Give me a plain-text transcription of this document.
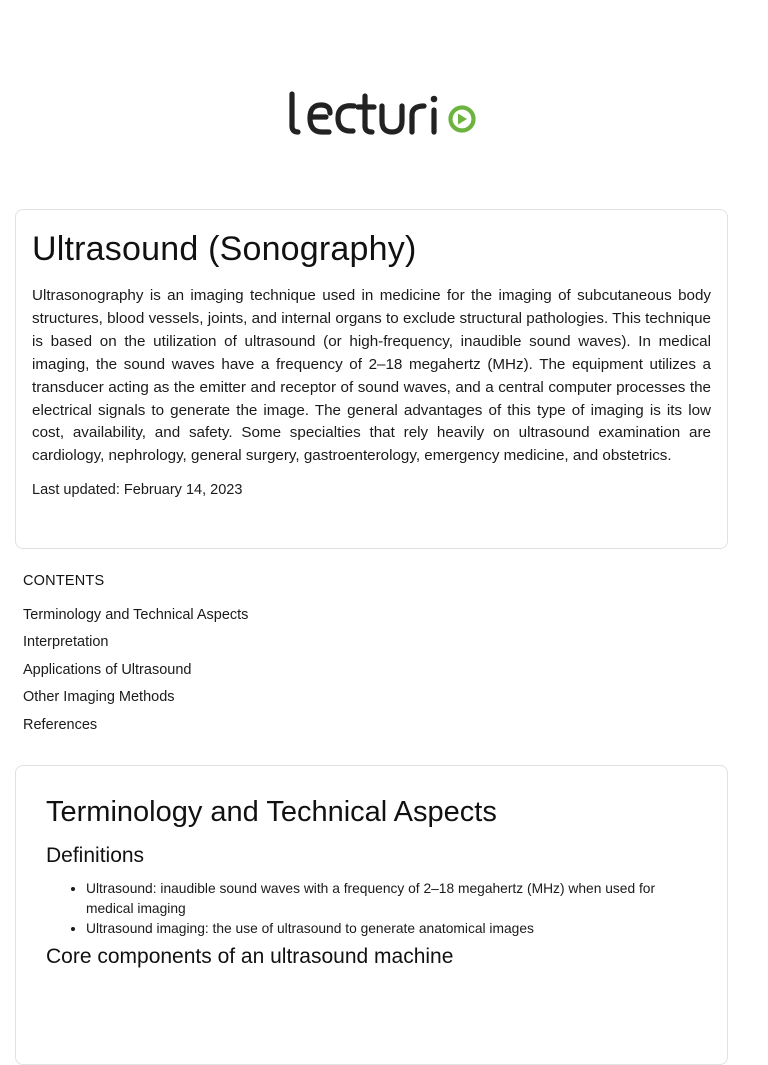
Ultrasound (Sonography)

Ultrasonography is an imaging technique used in medicine for the imaging of subcutaneous body structures, blood vessels, joints, and internal organs to exclude structural pathologies. This technique is based on the utilization of ultrasound (or high-frequency, inaudible sound waves). In medical imaging, the sound waves have a frequency of 2–18 megahertz (MHz). The equipment utilizes a transducer acting as the emitter and receptor of sound waves, and a central computer processes the electrical signals to generate the image. The general advantages of this type of imaging is its low cost, availability, and safety. Some specialties that rely heavily on ultrasound examination are cardiology, nephrology, general surgery, gastroenterology, emergency medicine, and obstetrics.

Last updated: February 14, 2023
CONTENTS
Terminology and Technical Aspects
Interpretation
Applications of Ultrasound
Other Imaging Methods
References
Terminology and Technical Aspects
Definitions
• Ultrasound: inaudible sound waves with a frequency of 2–18 megahertz (MHz) when used for medical imaging
• Ultrasound imaging: the use of ultrasound to generate anatomical images
Core components of an ultrasound machine
